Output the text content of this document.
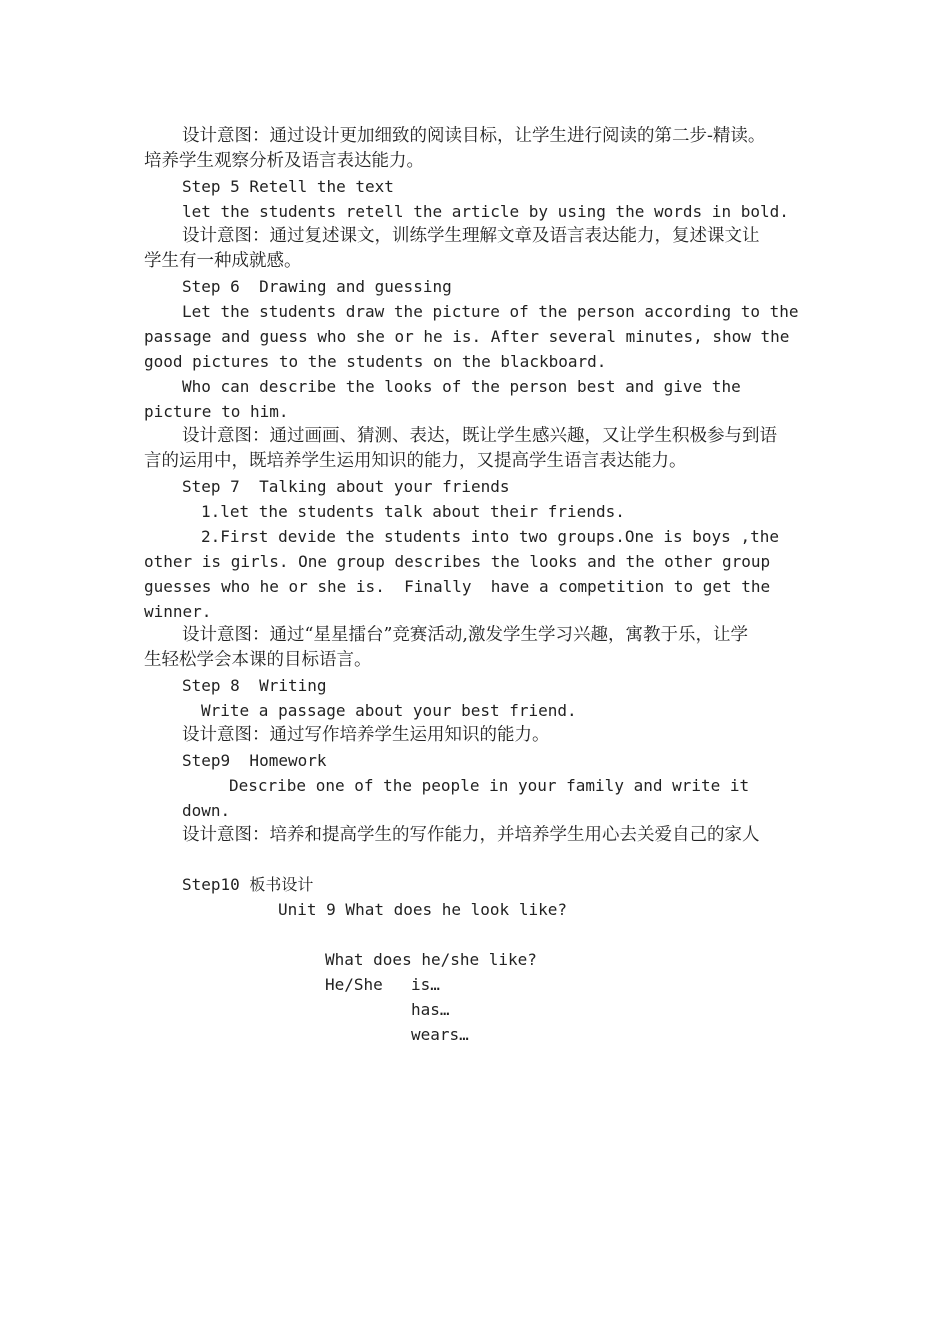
设计意图：通过设计更加细致的阅读目标，让学生进行阅读的第二步-精读。
培养学生观察分析及语言表达能力。
Step 5 Retell the text
let the students retell the article by using the words in bold.
设计意图：通过复述课文，训练学生理解文章及语言表达能力，复述课文让
学生有一种成就感。
Step 6  Drawing and guessing
Let the students draw the picture of the person according to the
passage and guess who she or he is. After several minutes, show the
good pictures to the students on the blackboard.
Who can describe the looks of the person best and give the
picture to him.
设计意图：通过画画、猜测、表达，既让学生感兴趣，又让学生积极参与到语
言的运用中，既培养学生运用知识的能力，又提高学生语言表达能力。
Step 7  Talking about your friends
1.let the students talk about their friends.
2.First devide the students into two groups.One is boys ,the
other is girls. One group describes the looks and the other group
guesses who he or she is.  Finally  have a competition to get the
winner.
设计意图：通过“星星擂台”竞赛活动,激发学生学习兴趣，寓教于乐，让学
生轻松学会本课的目标语言。
Step 8  Writing
Write a passage about your best friend.
设计意图：通过写作培养学生运用知识的能力。
Step9  Homework
Describe one of the people in your family and write it
down.
设计意图：培养和提高学生的写作能力，并培养学生用心去关爱自己的家人
Step10 板书设计
Unit 9 What does he look like?
What does he/she like?
He/She is…
has…
wears…
